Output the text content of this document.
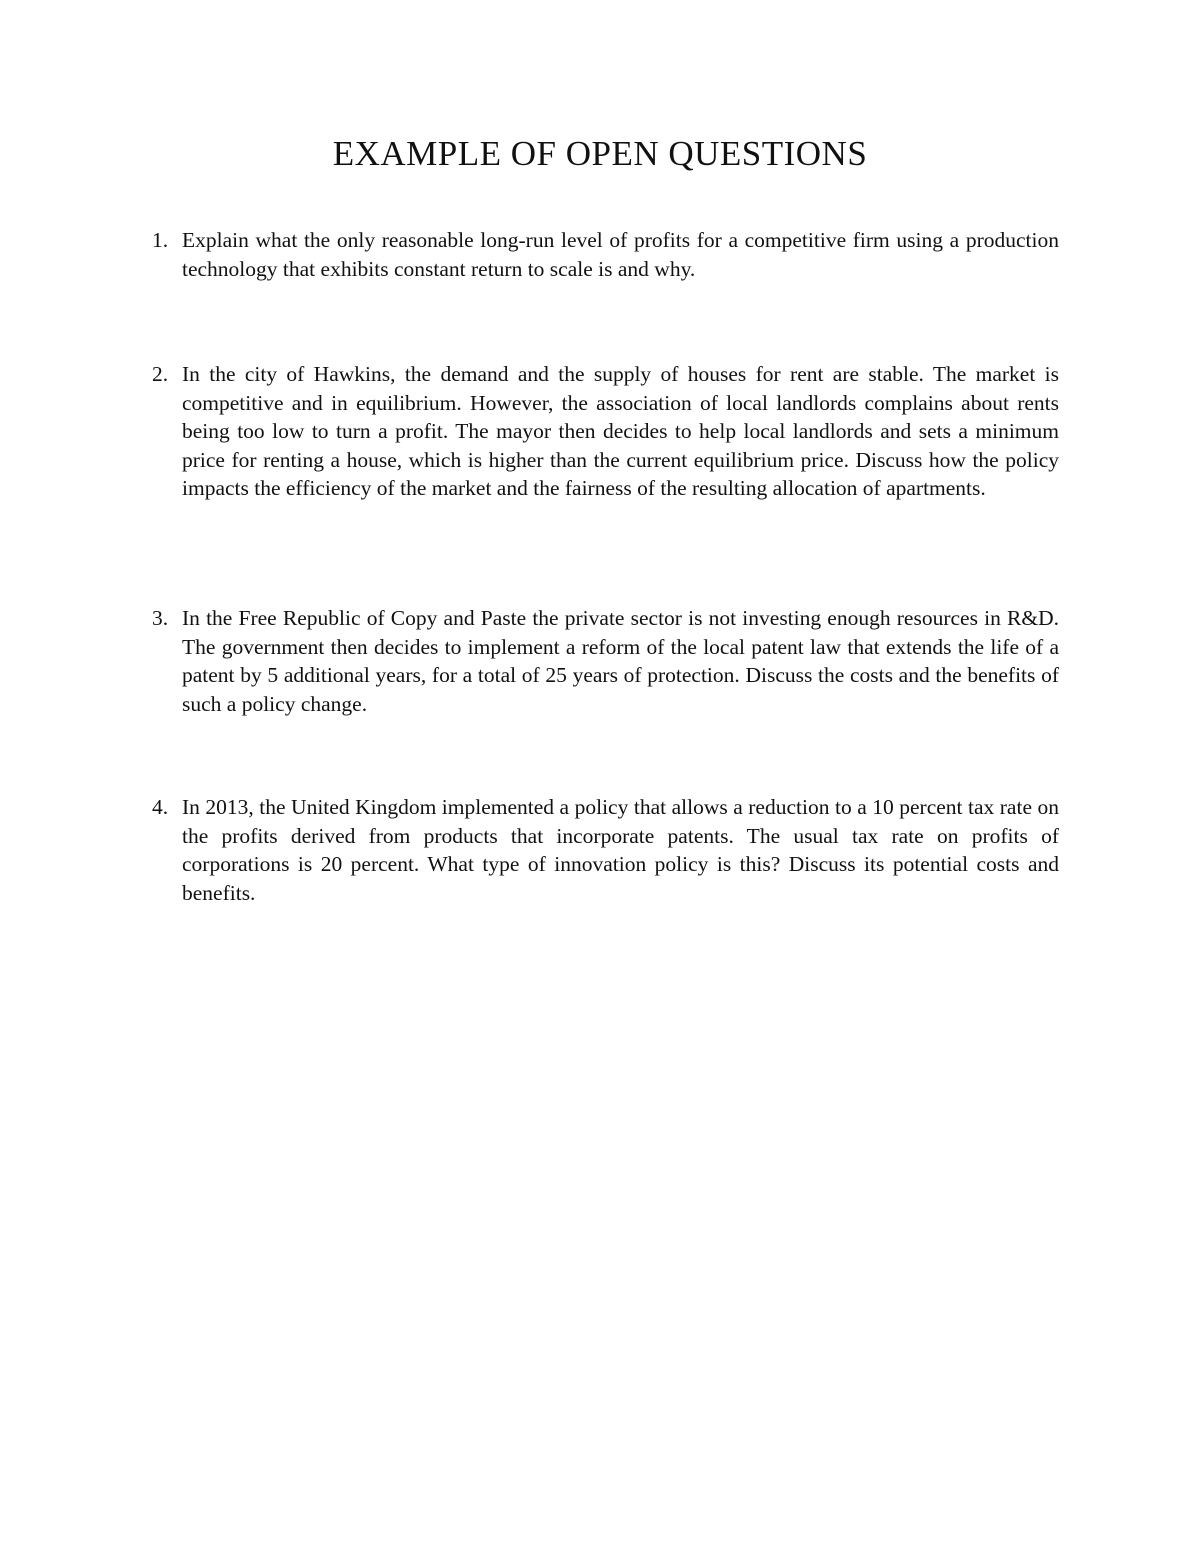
EXAMPLE OF OPEN QUESTIONS
1. Explain what the only reasonable long-run level of profits for a competitive firm using a production technology that exhibits constant return to scale is and why.
2. In the city of Hawkins, the demand and the supply of houses for rent are stable. The market is competitive and in equilibrium. However, the association of local landlords complains about rents being too low to turn a profit. The mayor then decides to help local landlords and sets a minimum price for renting a house, which is higher than the current equilibrium price. Discuss how the policy impacts the efficiency of the market and the fairness of the resulting allocation of apartments.
3. In the Free Republic of Copy and Paste the private sector is not investing enough resources in R&D. The government then decides to implement a reform of the local patent law that extends the life of a patent by 5 additional years, for a total of 25 years of protection. Discuss the costs and the benefits of such a policy change.
4. In 2013, the United Kingdom implemented a policy that allows a reduction to a 10 percent tax rate on the profits derived from products that incorporate patents. The usual tax rate on profits of corporations is 20 percent. What type of innovation policy is this? Discuss its potential costs and benefits.
